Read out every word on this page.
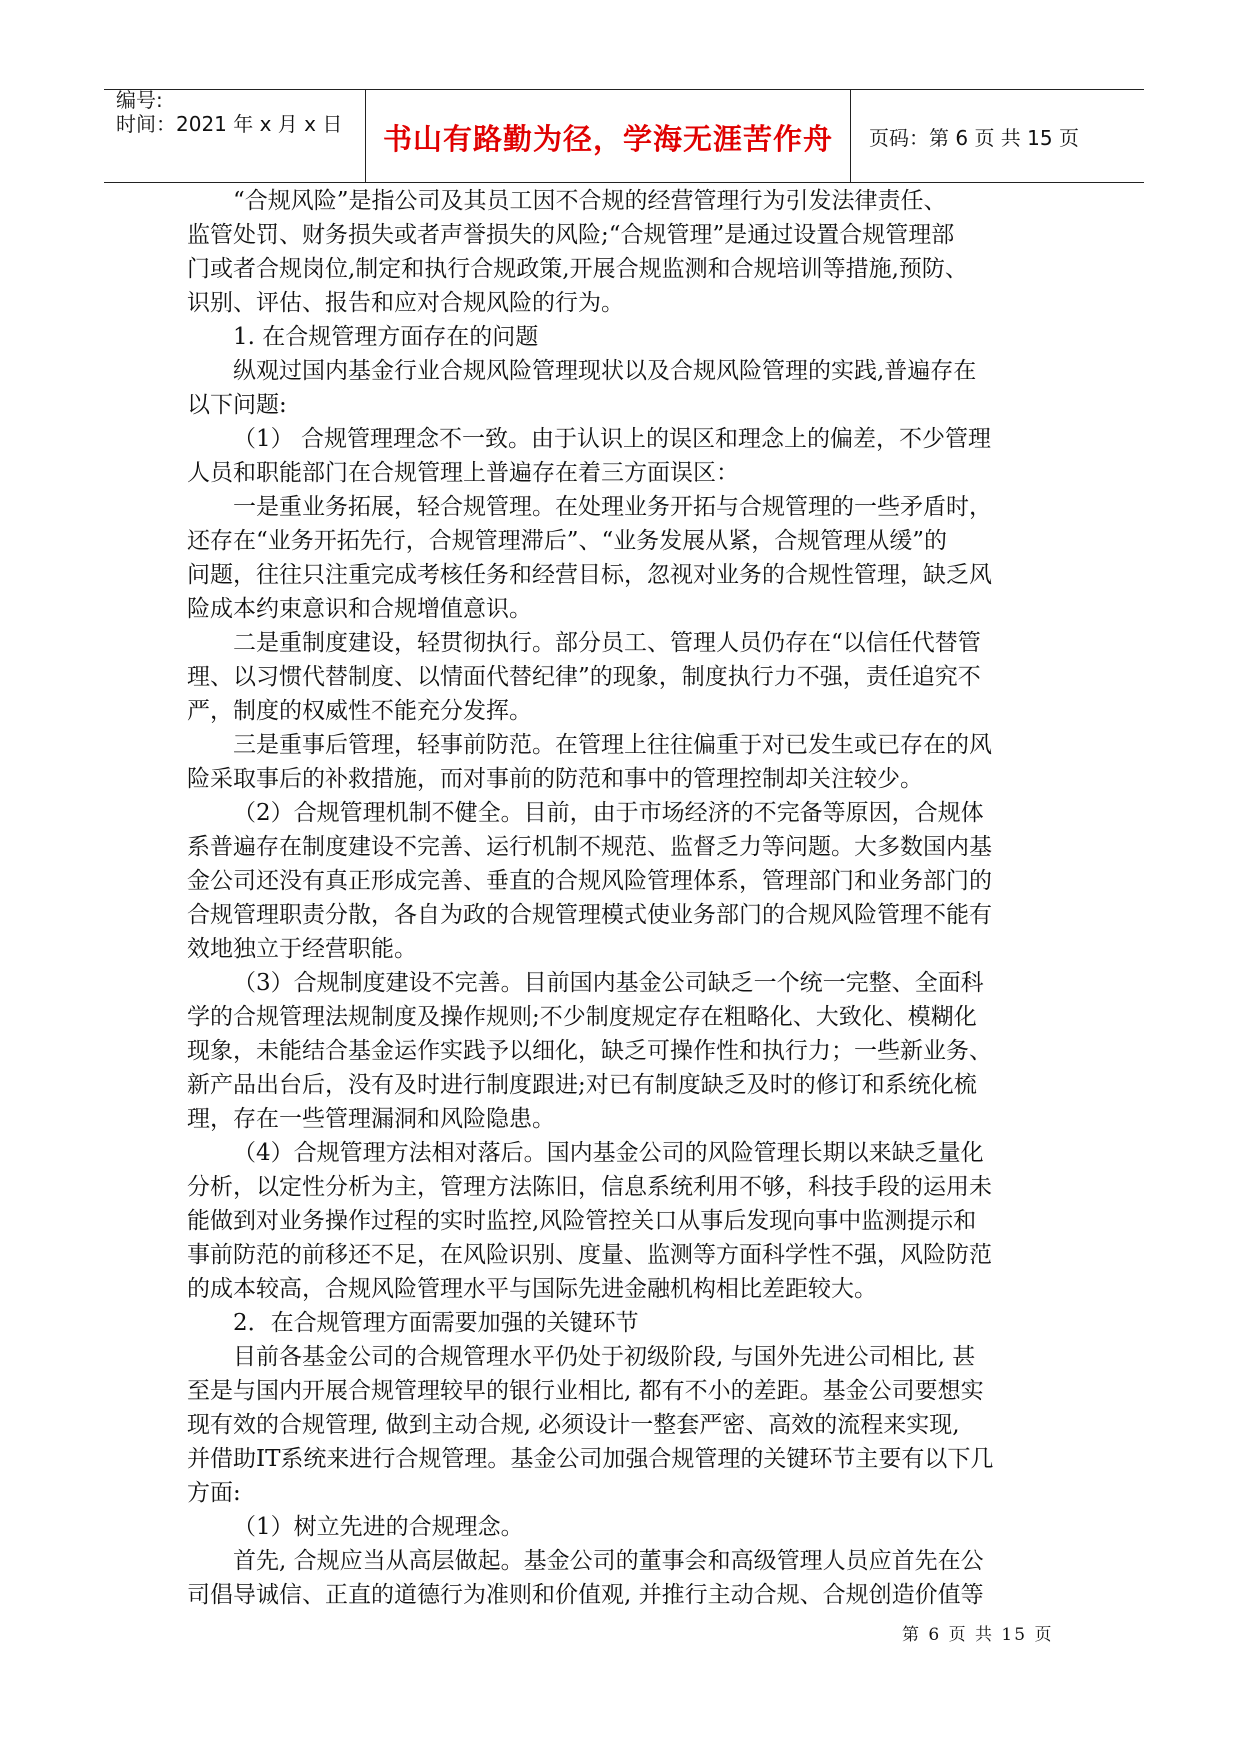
编号:
时间：2021 年 x 月 x 日	书山有路勤为径，学海无涯苦作舟	页码：第 6 页 共 15 页
“合规风险”是指公司及其员工因不合规的经营管理行为引发法律责任、
监管处罚、财务损失或者声誉损失的风险;“合规管理”是通过设置合规管理部
门或者合规岗位,制定和执行合规政策,开展合规监测和合规培训等措施,预防、
识别、评估、报告和应对合规风险的行为。
1. 在合规管理方面存在的问题
纵观过国内基金行业合规风险管理现状以及合规风险管理的实践,普遍存在
以下问题:
（1） 合规管理理念不一致。由于认识上的误区和理念上的偏差，不少管理
人员和职能部门在合规管理上普遍存在着三方面误区：
一是重业务拓展，轻合规管理。在处理业务开拓与合规管理的一些矛盾时，
还存在“业务开拓先行，合规管理滞后”、“业务发展从紧，合规管理从缓”的
问题，往往只注重完成考核任务和经营目标，忽视对业务的合规性管理，缺乏风
险成本约束意识和合规增值意识。
二是重制度建设，轻贯彻执行。部分员工、管理人员仍存在“以信任代替管
理、以习惯代替制度、以情面代替纪律”的现象，制度执行力不强，责任追究不
严，制度的权威性不能充分发挥。
三是重事后管理，轻事前防范。在管理上往往偏重于对已发生或已存在的风
险采取事后的补救措施，而对事前的防范和事中的管理控制却关注较少。
（2）合规管理机制不健全。目前，由于市场经济的不完备等原因，合规体
系普遍存在制度建设不完善、运行机制不规范、监督乏力等问题。大多数国内基
金公司还没有真正形成完善、垂直的合规风险管理体系，管理部门和业务部门的
合规管理职责分散，各自为政的合规管理模式使业务部门的合规风险管理不能有
效地独立于经营职能。
（3）合规制度建设不完善。目前国内基金公司缺乏一个统一完整、全面科
学的合规管理法规制度及操作规则;不少制度规定存在粗略化、大致化、模糊化
现象，未能结合基金运作实践予以细化，缺乏可操作性和执行力；一些新业务、
新产品出台后，没有及时进行制度跟进;对已有制度缺乏及时的修订和系统化梳
理，存在一些管理漏洞和风险隐患。
（4）合规管理方法相对落后。国内基金公司的风险管理长期以来缺乏量化
分析，以定性分析为主，管理方法陈旧，信息系统利用不够，科技手段的运用未
能做到对业务操作过程的实时监控,风险管控关口从事后发现向事中监测提示和
事前防范的前移还不足，在风险识别、度量、监测等方面科学性不强，风险防范
的成本较高，合规风险管理水平与国际先进金融机构相比差距较大。
2．在合规管理方面需要加强的关键环节
目前各基金公司的合规管理水平仍处于初级阶段, 与国外先进公司相比, 甚
至是与国内开展合规管理较早的银行业相比, 都有不小的差距。基金公司要想实
现有效的合规管理, 做到主动合规, 必须设计一整套严密、高效的流程来实现,
并借助IT系统来进行合规管理。基金公司加强合规管理的关键环节主要有以下几
方面:
（1）树立先进的合规理念。
首先, 合规应当从高层做起。基金公司的董事会和高级管理人员应首先在公
司倡导诚信、正直的道德行为准则和价值观, 并推行主动合规、合规创造价值等
第 6 页 共 15 页
